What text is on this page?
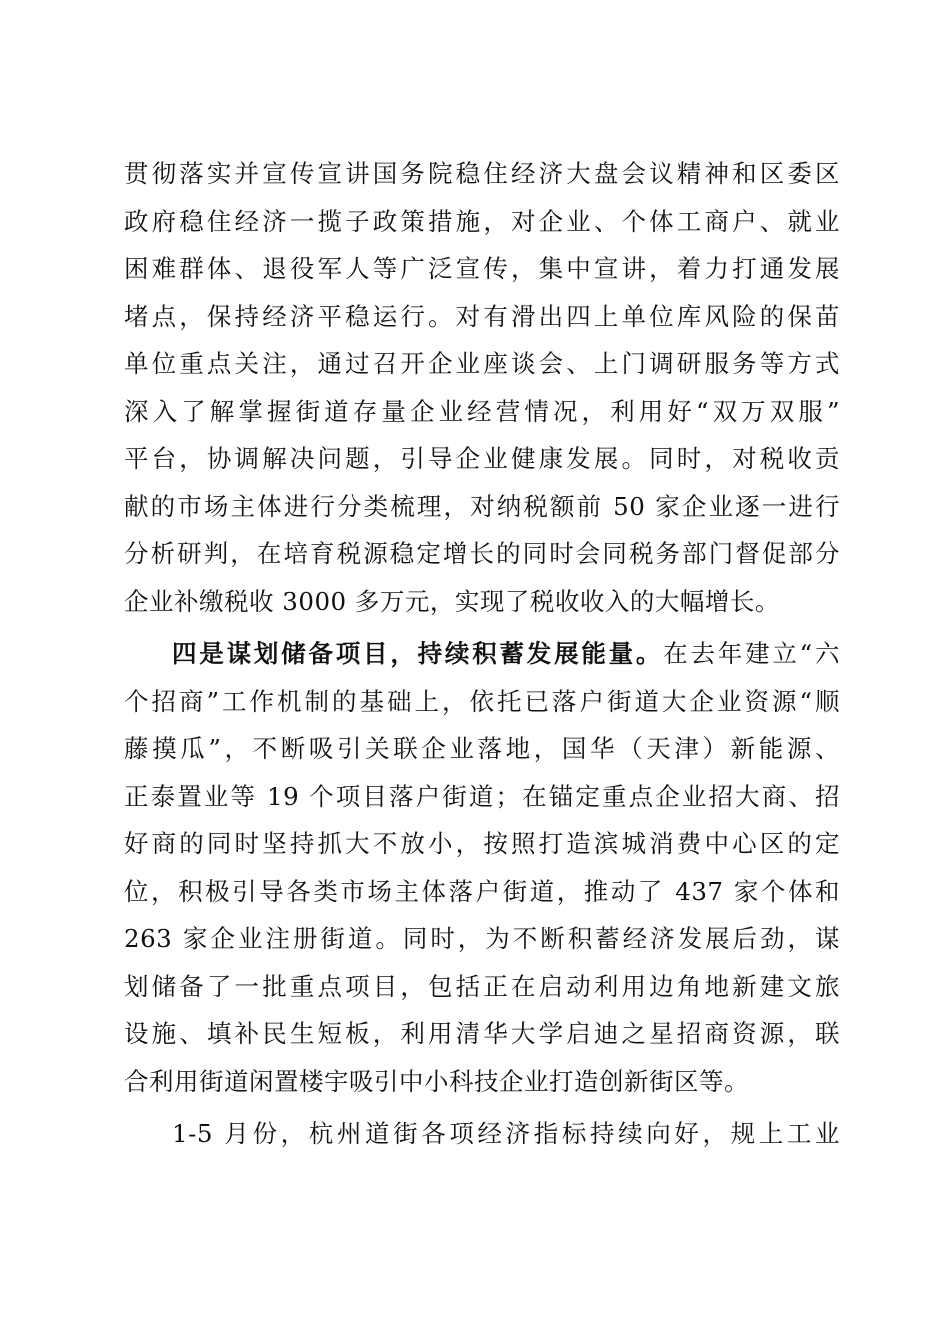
贯彻落实并宣传宣讲国务院稳住经济大盘会议精神和区委区
政府稳住经济一揽子政策措施，对企业、个体工商户、就业
困难群体、退役军人等广泛宣传，集中宣讲，着力打通发展
堵点，保持经济平稳运行。对有滑出四上单位库风险的保苗
单位重点关注，通过召开企业座谈会、上门调研服务等方式
深入了解掌握街道存量企业经营情况，利用好“双万双服”
平台，协调解决问题，引导企业健康发展。同时，对税收贡
献的市场主体进行分类梳理，对纳税额前 50 家企业逐一进行
分析研判，在培育税源稳定增长的同时会同税务部门督促部分
企业补缴税收 3000 多万元，实现了税收收入的大幅增长。
四是谋划储备项目，持续积蓄发展能量。在去年建立“六
个招商”工作机制的基础上，依托已落户街道大企业资源“顺
藤摸瓜”，不断吸引关联企业落地，国华（天津）新能源、
正泰置业等 19 个项目落户街道；在锚定重点企业招大商、招
好商的同时坚持抓大不放小，按照打造滨城消费中心区的定
位，积极引导各类市场主体落户街道，推动了 437 家个体和
263 家企业注册街道。同时，为不断积蓄经济发展后劲，谋
划储备了一批重点项目，包括正在启动利用边角地新建文旅
设施、填补民生短板，利用清华大学启迪之星招商资源，联
合利用街道闲置楼宇吸引中小科技企业打造创新街区等。
1-5 月份，杭州道街各项经济指标持续向好，规上工业
